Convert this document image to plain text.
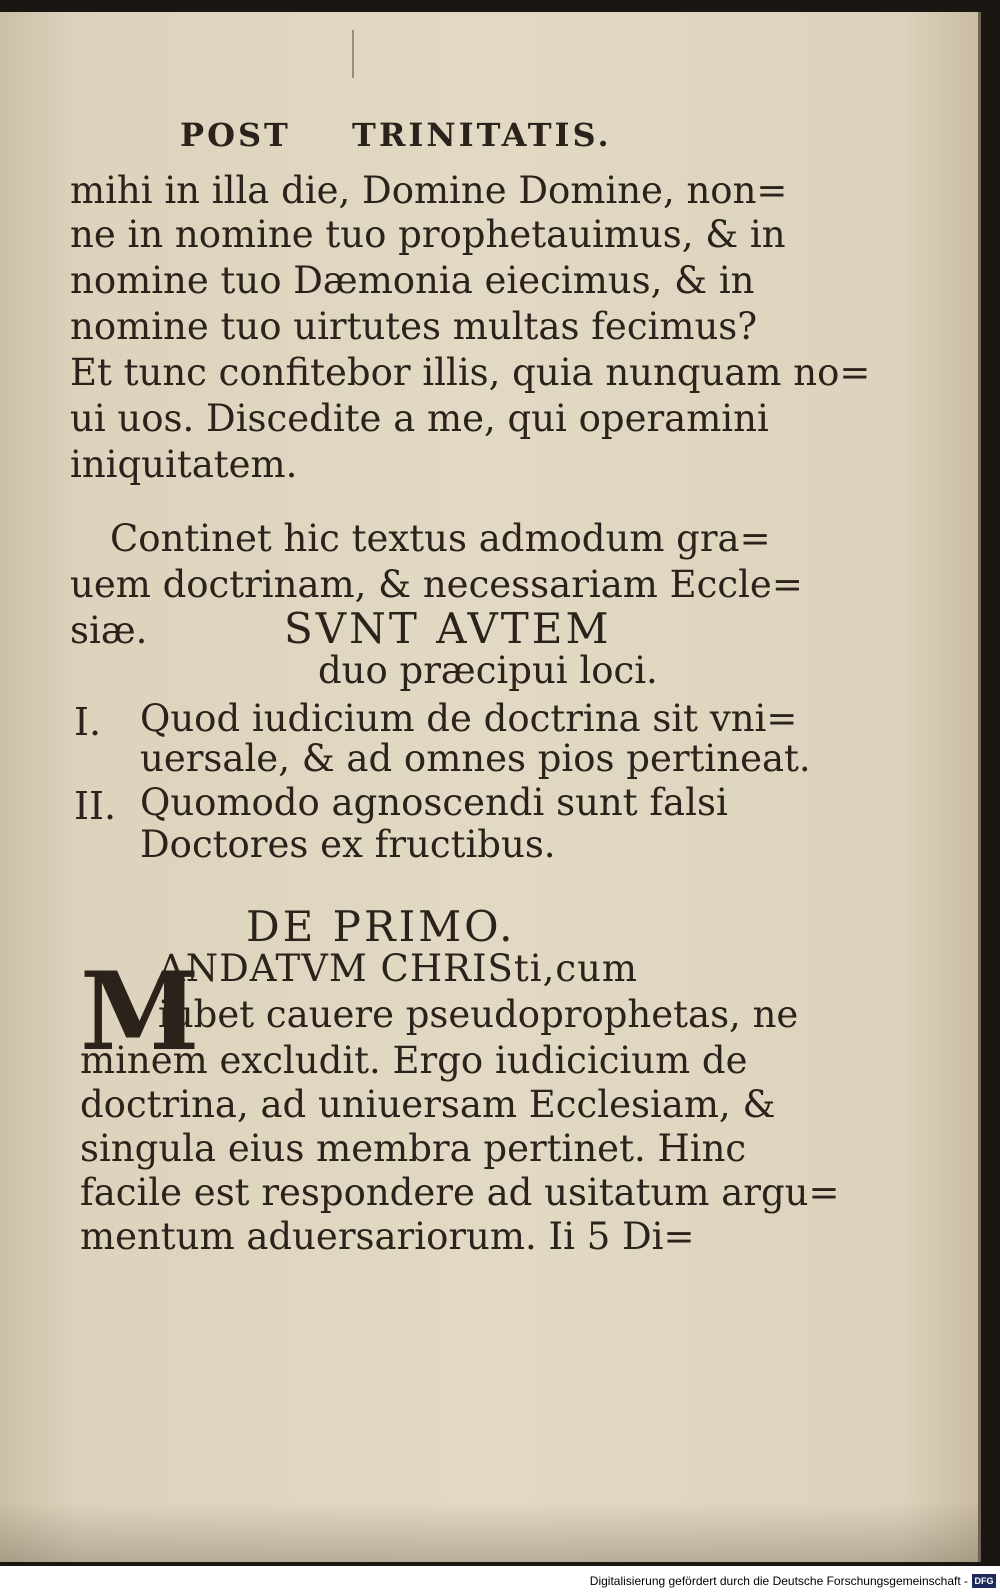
POST TRINITATIS.
mihi in illa die, Domine Domine, non=
ne in nomine tuo prophetauimus, & in
nomine tuo Dæmonia eiecimus, & in
nomine tuo uirtutes multas fecimus?
Et tunc confitebor illis, quia nunquam no=
ui uos. Discedite a me, qui operamini
iniquitatem.
Continet hic textus admodum gra=
uem doctrinam, & necessariam Eccle=
siæ.	SVNT AVTEM
duo præcipui loci.
I. Quod iudicium de doctrina sit vni=
uersale, & ad omnes pios pertineat.
II. Quomodo agnoscendi sunt falsi
Doctores ex fructibus.
DE PRIMO.
M
ANDATVM CHRISti,cum
iubet cauere pseudoprophetas, ne
minem excludit. Ergo iudicicium de
doctrina, ad uniuersam Ecclesiam, &
singula eius membra pertinet. Hinc
facile est respondere ad usitatum argu=
mentum aduersariorum. Ii 5 Di=
Digitalisierung gefördert durch die Deutsche Forschungsgemeinschaft - DFG
